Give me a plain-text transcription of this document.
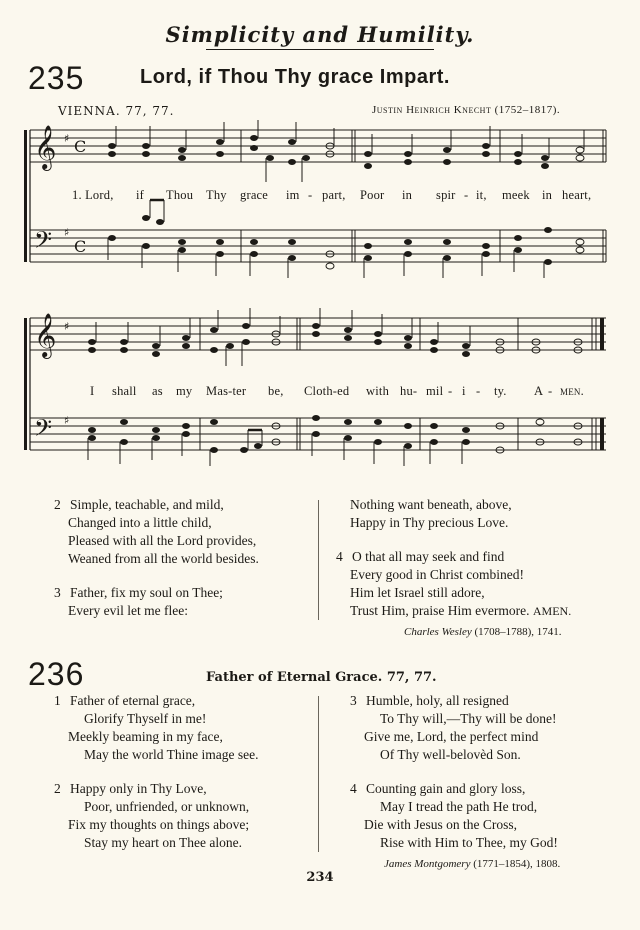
Simplicity and Humility.
235	Lord, if Thou Thy grace Impart.
VIENNA. 77, 77.	Justin Heinrich Knecht (1752–1817).
𝄞
𝄢
♯
♯
C
C
1. Lord, if Thou Thy grace im - part, Poor in spir - it, meek in heart,
𝄞
𝄢
♯
♯
I shall as my Mas-ter be, Cloth-ed with hu- mil - i - ty. A - men.

2 Simple, teachable, and mild,

Changed into a little child,

Pleased with all the Lord provides,

Weaned from all the world besides.

3 Father, fix my soul on Thee;

Every evil let me flee:

Nothing want beneath, above,

Happy in Thy precious Love.

4 O that all may seek and find

Every good in Christ combined!

Him let Israel still adore,

Trust Him, praise Him evermore. AMEN.

Charles Wesley (1708–1788), 1741.
236	Father of Eternal Grace. 77, 77.

1 Father of eternal grace,

Glorify Thyself in me!

Meekly beaming in my face,

May the world Thine image see.

2 Happy only in Thy Love,

Poor, unfriended, or unknown,

Fix my thoughts on things above;

Stay my heart on Thee alone.

3 Humble, holy, all resigned

To Thy will,—Thy will be done!

Give me, Lord, the perfect mind

Of Thy well-belovèd Son.

4 Counting gain and glory loss,

May I tread the path He trod,

Die with Jesus on the Cross,

Rise with Him to Thee, my God!

James Montgomery (1771–1854), 1808.
234
